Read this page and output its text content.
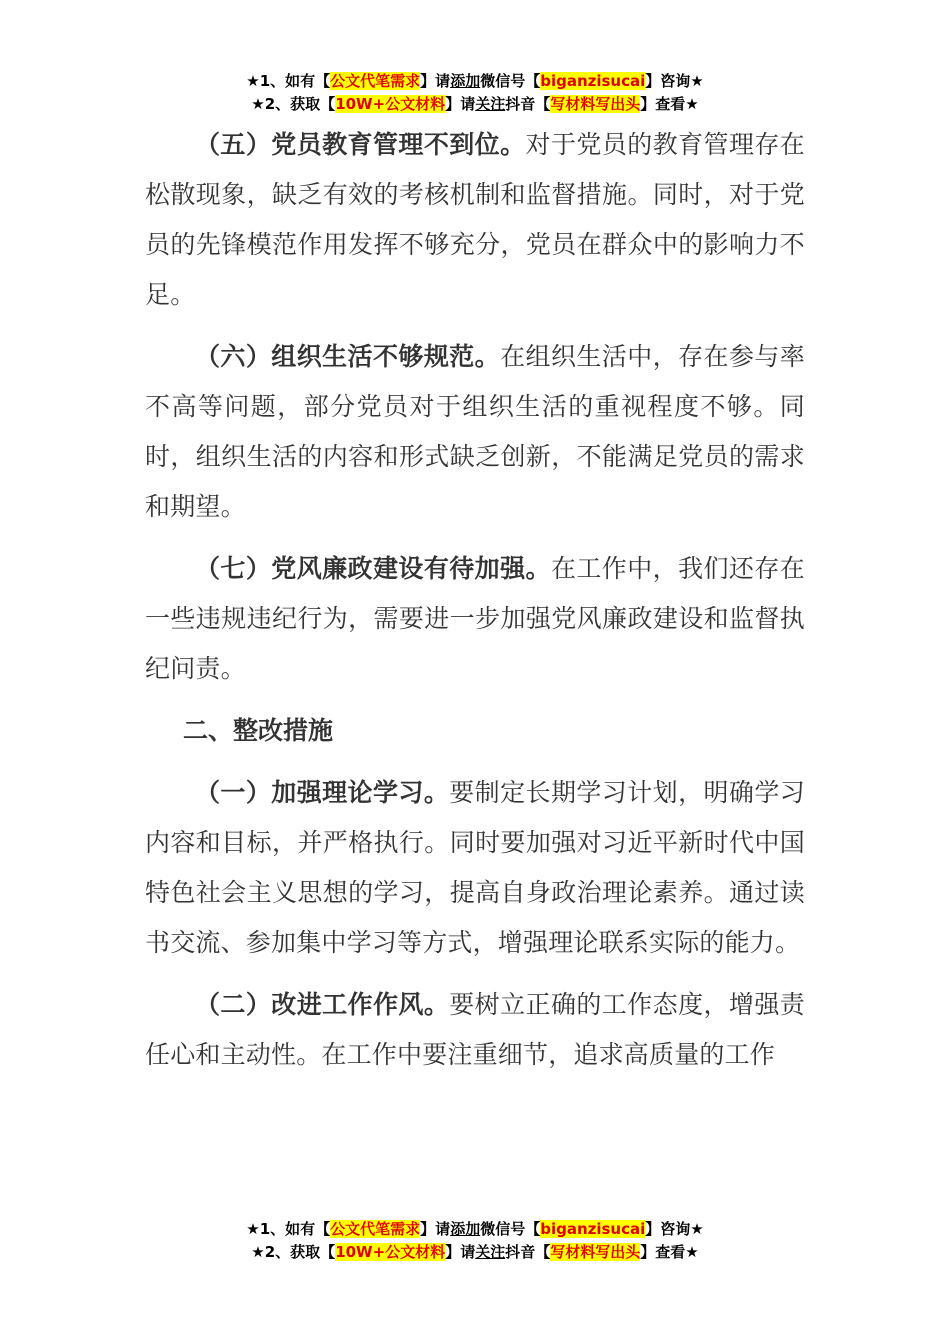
★1、如有【公文代笔需求】请添加微信号【biganzisucai】咨询★
★2、获取【10W+公文材料】请关注抖音【写材料写出头】查看★

（五）党员教育管理不到位。对于党员的教育管理存在松散现象，缺乏有效的考核机制和监督措施。同时，对于党员的先锋模范作用发挥不够充分，党员在群众中的影响力不足。

（六）组织生活不够规范。在组织生活中，存在参与率不高等问题，部分党员对于组织生活的重视程度不够。同时，组织生活的内容和形式缺乏创新，不能满足党员的需求和期望。

（七）党风廉政建设有待加强。在工作中，我们还存在一些违规违纪行为，需要进一步加强党风廉政建设和监督执纪问责。

二、整改措施

（一）加强理论学习。要制定长期学习计划，明确学习内容和目标，并严格执行。同时要加强对习近平新时代中国特色社会主义思想的学习，提高自身政治理论素养。通过读书交流、参加集中学习等方式，增强理论联系实际的能力。

（二）改进工作作风。要树立正确的工作态度，增强责任心和主动性。在工作中要注重细节，追求高质量的工作

★1、如有【公文代笔需求】请添加微信号【biganzisucai】咨询★
★2、获取【10W+公文材料】请关注抖音【写材料写出头】查看★
